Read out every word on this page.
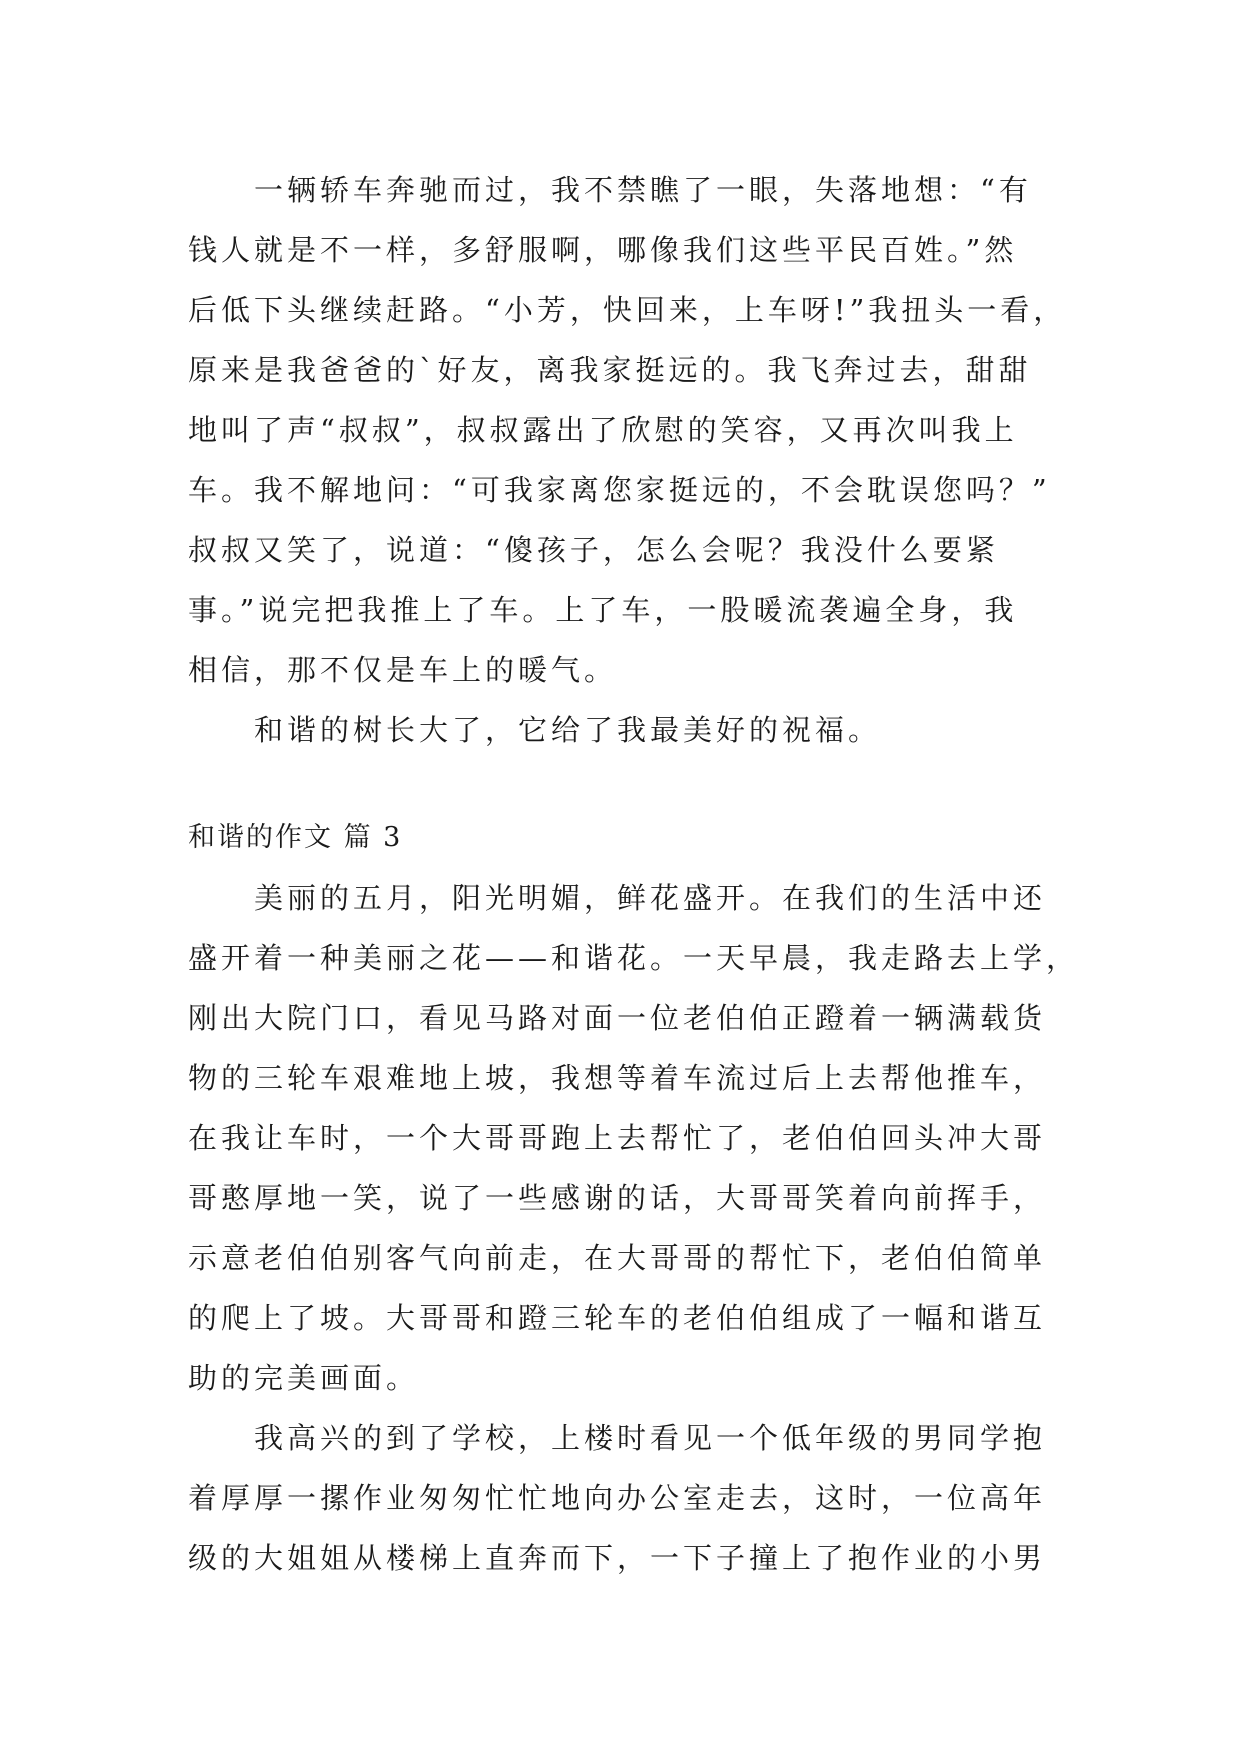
　　一辆轿车奔驰而过，我不禁瞧了一眼，失落地想：“有
钱人就是不一样，多舒服啊，哪像我们这些平民百姓。”然
后低下头继续赶路。“小芳，快回来，上车呀!”我扭头一看，
原来是我爸爸的`好友，离我家挺远的。我飞奔过去，甜甜
地叫了声“叔叔”，叔叔露出了欣慰的笑容，又再次叫我上
车。我不解地问：“可我家离您家挺远的，不会耽误您吗？”
叔叔又笑了，说道：“傻孩子，怎么会呢？我没什么要紧
事。”说完把我推上了车。上了车，一股暖流袭遍全身，我
相信，那不仅是车上的暖气。
　　和谐的树长大了，它给了我最美好的祝福。
和谐的作文 篇 3
　　美丽的五月，阳光明媚，鲜花盛开。在我们的生活中还
盛开着一种美丽之花——和谐花。一天早晨，我走路去上学，
刚出大院门口，看见马路对面一位老伯伯正蹬着一辆满载货
物的三轮车艰难地上坡，我想等着车流过后上去帮他推车，
在我让车时，一个大哥哥跑上去帮忙了，老伯伯回头冲大哥
哥憨厚地一笑，说了一些感谢的话，大哥哥笑着向前挥手，
示意老伯伯别客气向前走，在大哥哥的帮忙下，老伯伯简单
的爬上了坡。大哥哥和蹬三轮车的老伯伯组成了一幅和谐互
助的完美画面。
　　我高兴的到了学校，上楼时看见一个低年级的男同学抱
着厚厚一摞作业匆匆忙忙地向办公室走去，这时，一位高年
级的大姐姐从楼梯上直奔而下，一下子撞上了抱作业的小男
